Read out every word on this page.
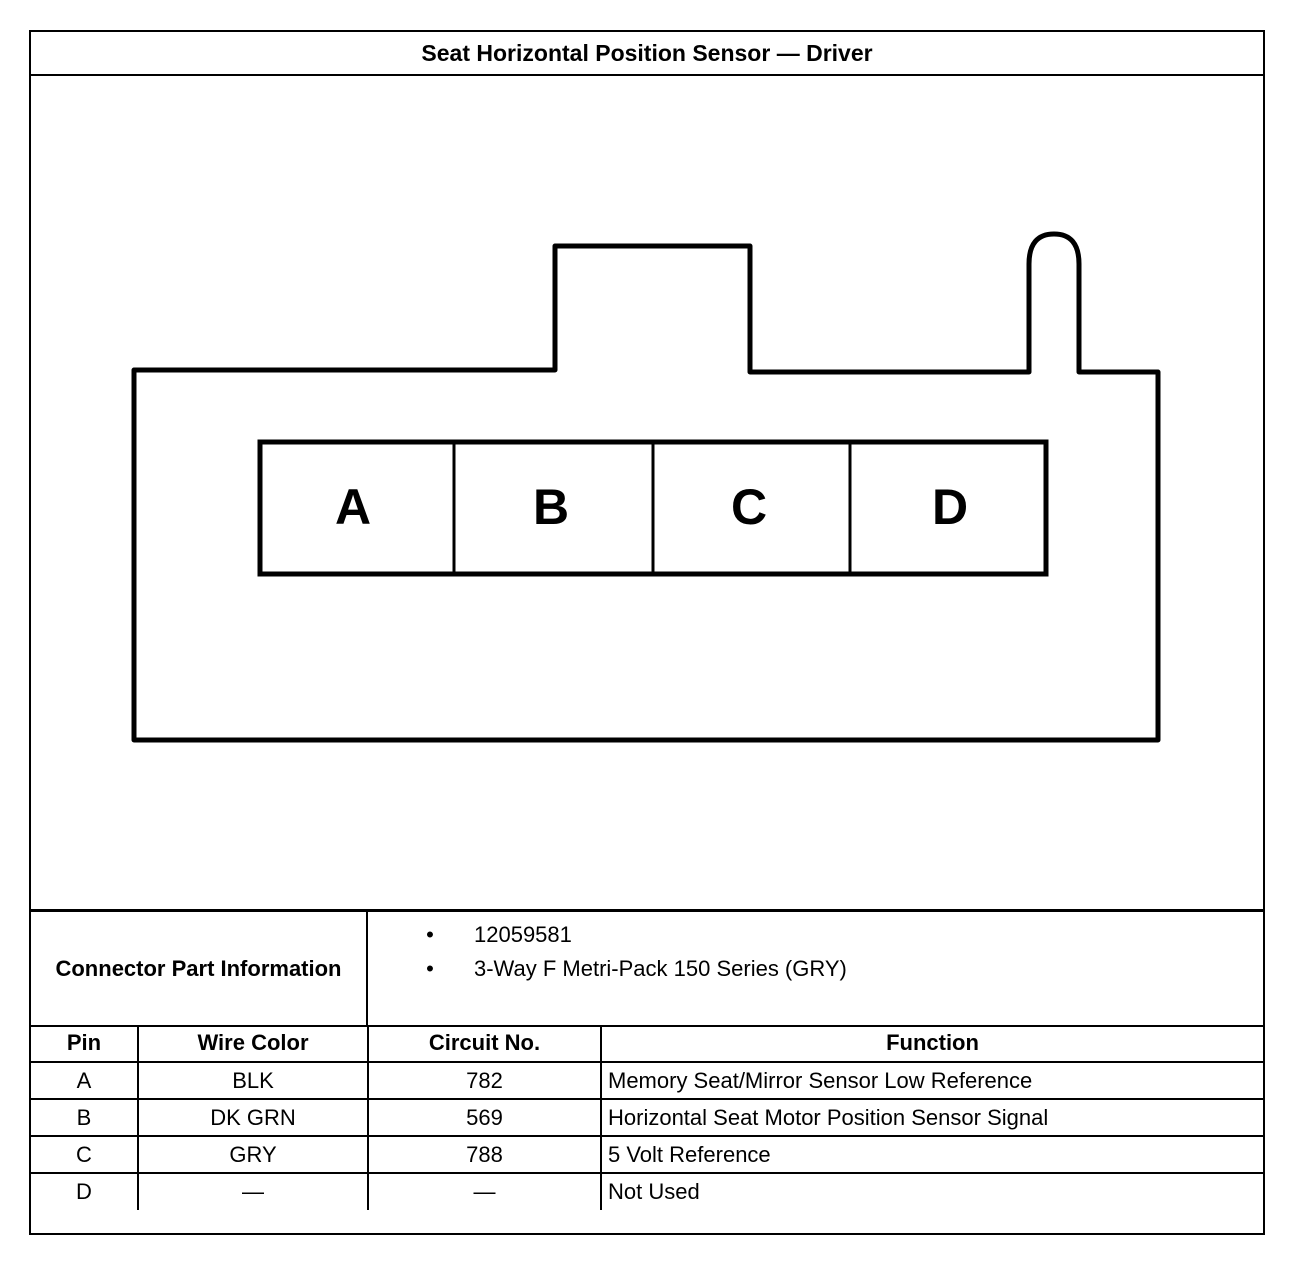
Seat Horizontal Position Sensor — Driver
A	B	C	D
Connector Part Information
• 12059581
• 3-Way F Metri-Pack 150 Series (GRY)
Pin	Wire Color	Circuit No.	Function
A	BLK	782	Memory Seat/Mirror Sensor Low Reference
B	DK GRN	569	Horizontal Seat Motor Position Sensor Signal
C	GRY	788	5 Volt Reference
D	—	—	Not Used
